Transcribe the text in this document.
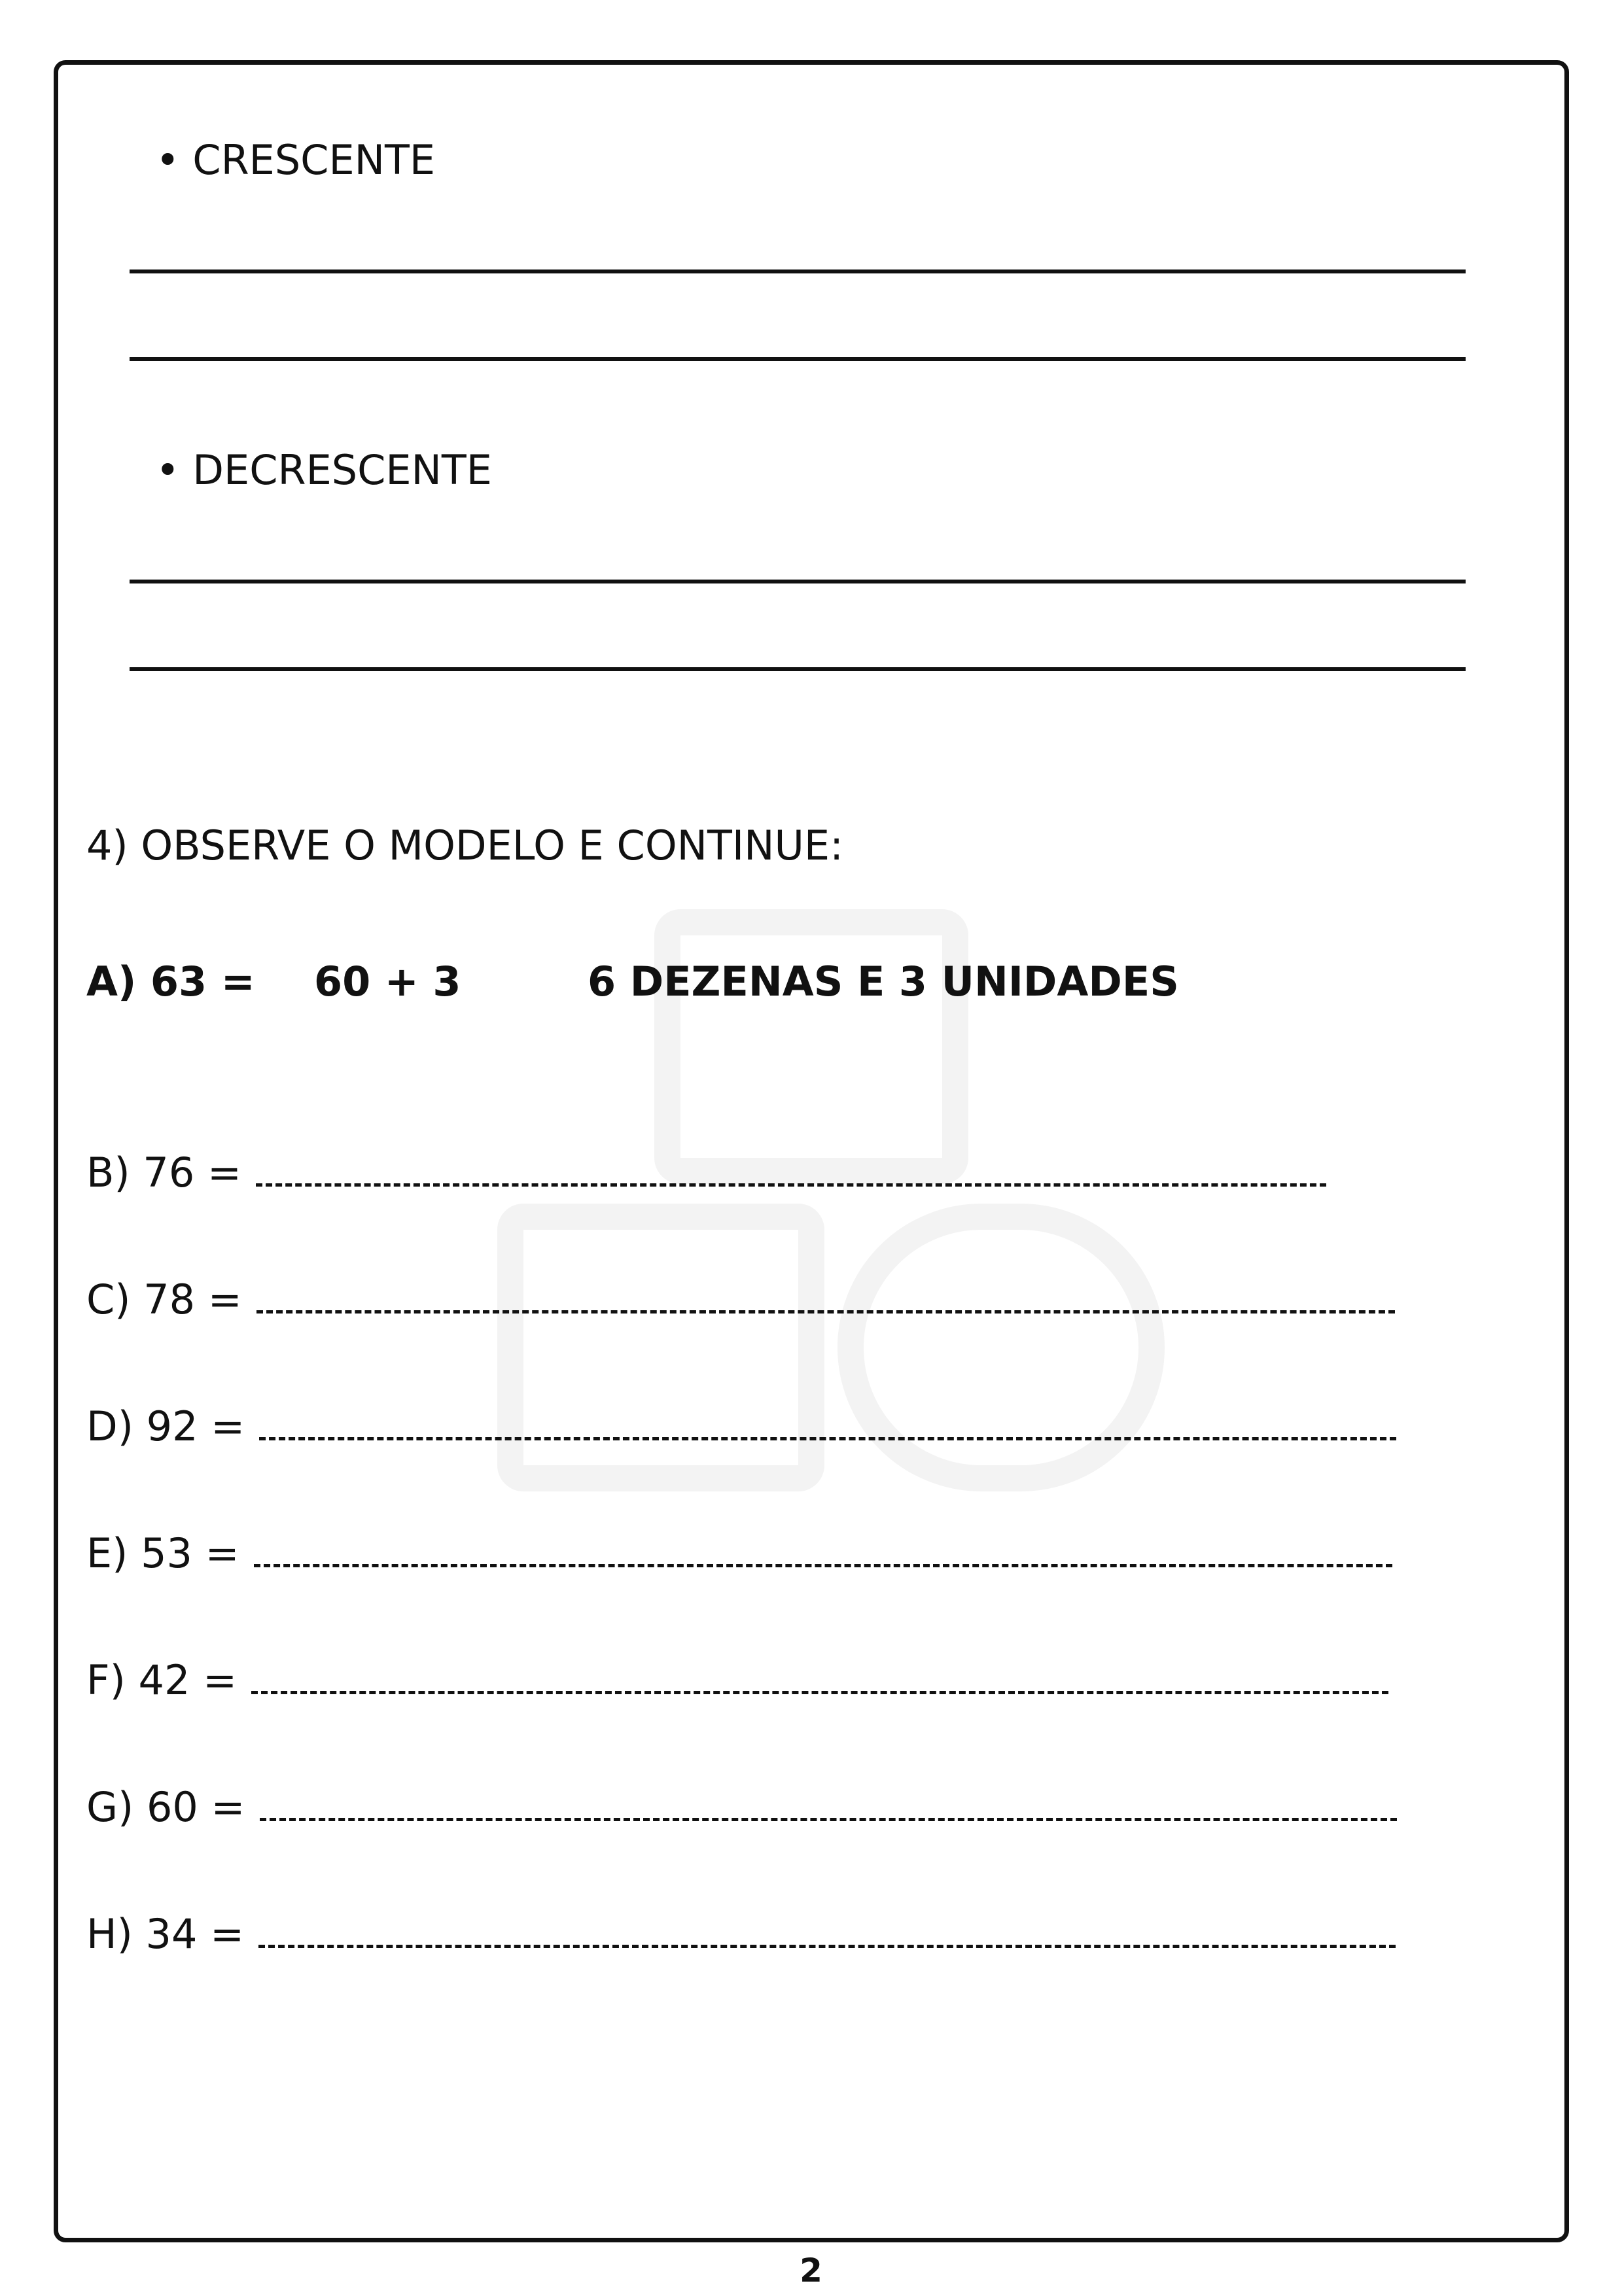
• CRESCENTE
• DECRESCENTE
4) OBSERVE O MODELO E CONTINUE:
A) 63 = 60 + 3	6 DEZENAS E 3 UNIDADES
B) 76 =
C) 78 =
D) 92 =
E) 53 =
F) 42 =
G) 60 =
H) 34 =
2
